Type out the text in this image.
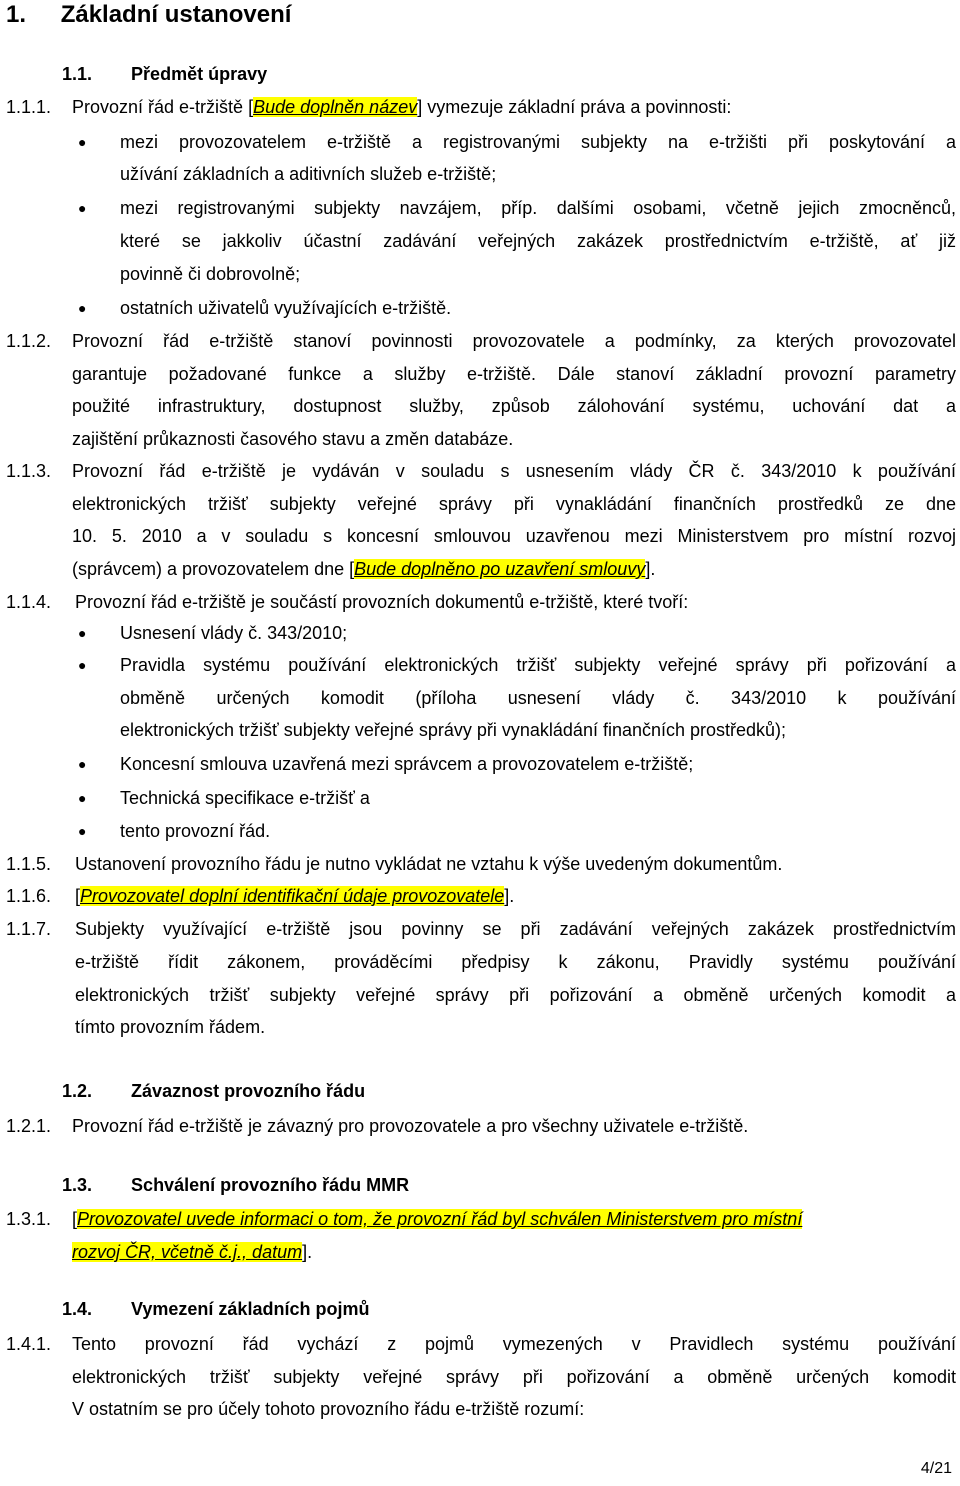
1. Základní ustanovení
1.1. Předmět úpravy
1.1.1. Provozní řád e-tržiště [Bude doplněn název] vymezuje základní práva a povinnosti:
● mezi provozovatelem e-tržiště a registrovanými subjekty na e-tržišti při poskytování a
užívání základních a aditivních služeb e-tržiště;
● mezi registrovanými subjekty navzájem, příp. dalšími osobami, včetně jejich zmocněnců,
které se jakkoliv účastní zadávání veřejných zakázek prostřednictvím e-tržiště, ať již
povinně či dobrovolně;
● ostatních uživatelů využívajících e-tržiště.
1.1.2. Provozní řád e-tržiště stanoví povinnosti provozovatele a podmínky, za kterých provozovatel
garantuje požadované funkce a služby e-tržiště. Dále stanoví základní provozní parametry
použité infrastruktury, dostupnost služby, způsob zálohování systému, uchování dat a
zajištění průkaznosti časového stavu a změn databáze.
1.1.3. Provozní řád e-tržiště je vydáván v souladu s usnesením vlády ČR č. 343/2010 k používání
elektronických tržišť subjekty veřejné správy při vynakládání finančních prostředků ze dne
10. 5. 2010 a v souladu s koncesní smlouvou uzavřenou mezi Ministerstvem pro místní rozvoj
(správcem) a provozovatelem dne [Bude doplněno po uzavření smlouvy].
1.1.4. Provozní řád e-tržiště je součástí provozních dokumentů e-tržiště, které tvoří:
● Usnesení vlády č. 343/2010;
● Pravidla systému používání elektronických tržišť subjekty veřejné správy při pořizování a
obměně určených komodit (příloha usnesení vlády č. 343/2010 k používání
elektronických tržišť subjekty veřejné správy při vynakládání finančních prostředků);
● Koncesní smlouva uzavřená mezi správcem a provozovatelem e-tržiště;
● Technická specifikace e-tržišť a
● tento provozní řád.
1.1.5. Ustanovení provozního řádu je nutno vykládat ne vztahu k výše uvedeným dokumentům.
1.1.6. [Provozovatel doplní identifikační údaje provozovatele].
1.1.7. Subjekty využívající e-tržiště jsou povinny se při zadávání veřejných zakázek prostřednictvím
e-tržiště řídit zákonem, prováděcími předpisy k zákonu, Pravidly systému používání
elektronických tržišť subjekty veřejné správy při pořizování a obměně určených komodit a
tímto provozním řádem.
1.2. Závaznost provozního řádu
1.2.1. Provozní řád e-tržiště je závazný pro provozovatele a pro všechny uživatele e-tržiště.
1.3. Schválení provozního řádu MMR
1.3.1. [Provozovatel uvede informaci o tom, že provozní řád byl schválen Ministerstvem pro místní
rozvoj ČR, včetně č.j., datum].
1.4. Vymezení základních pojmů
1.4.1. Tento provozní řád vychází z pojmů vymezených v Pravidlech systému používání
elektronických tržišť subjekty veřejné správy při pořizování a obměně určených komodit
V ostatním se pro účely tohoto provozního řádu e-tržiště rozumí:
4/21
